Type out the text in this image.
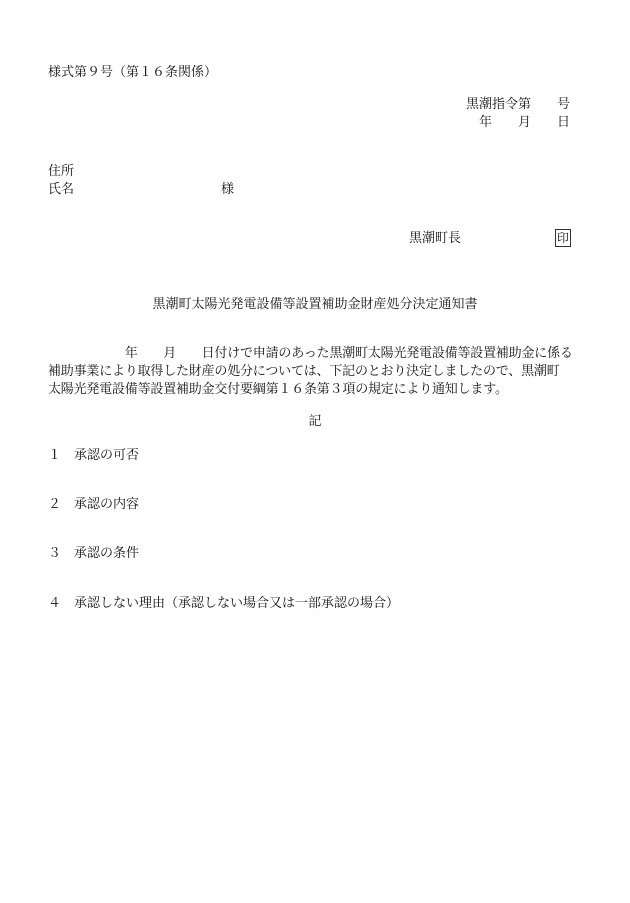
様式第９号（第１６条関係）
黒潮指令第　　号
年　　月　　日
住所
氏名	様
黒潮町長	印
黒潮町太陽光発電設備等設置補助金財産処分決定通知書
　　　　　　年　　月　　日付けで申請のあった黒潮町太陽光発電設備等設置補助金に係る
補助事業により取得した財産の処分については、下記のとおり決定しましたので、黒潮町
太陽光発電設備等設置補助金交付要綱第１６条第３項の規定により通知します。
記
１ 承認の可否
２ 承認の内容
３ 承認の条件
４ 承認しない理由（承認しない場合又は一部承認の場合）
